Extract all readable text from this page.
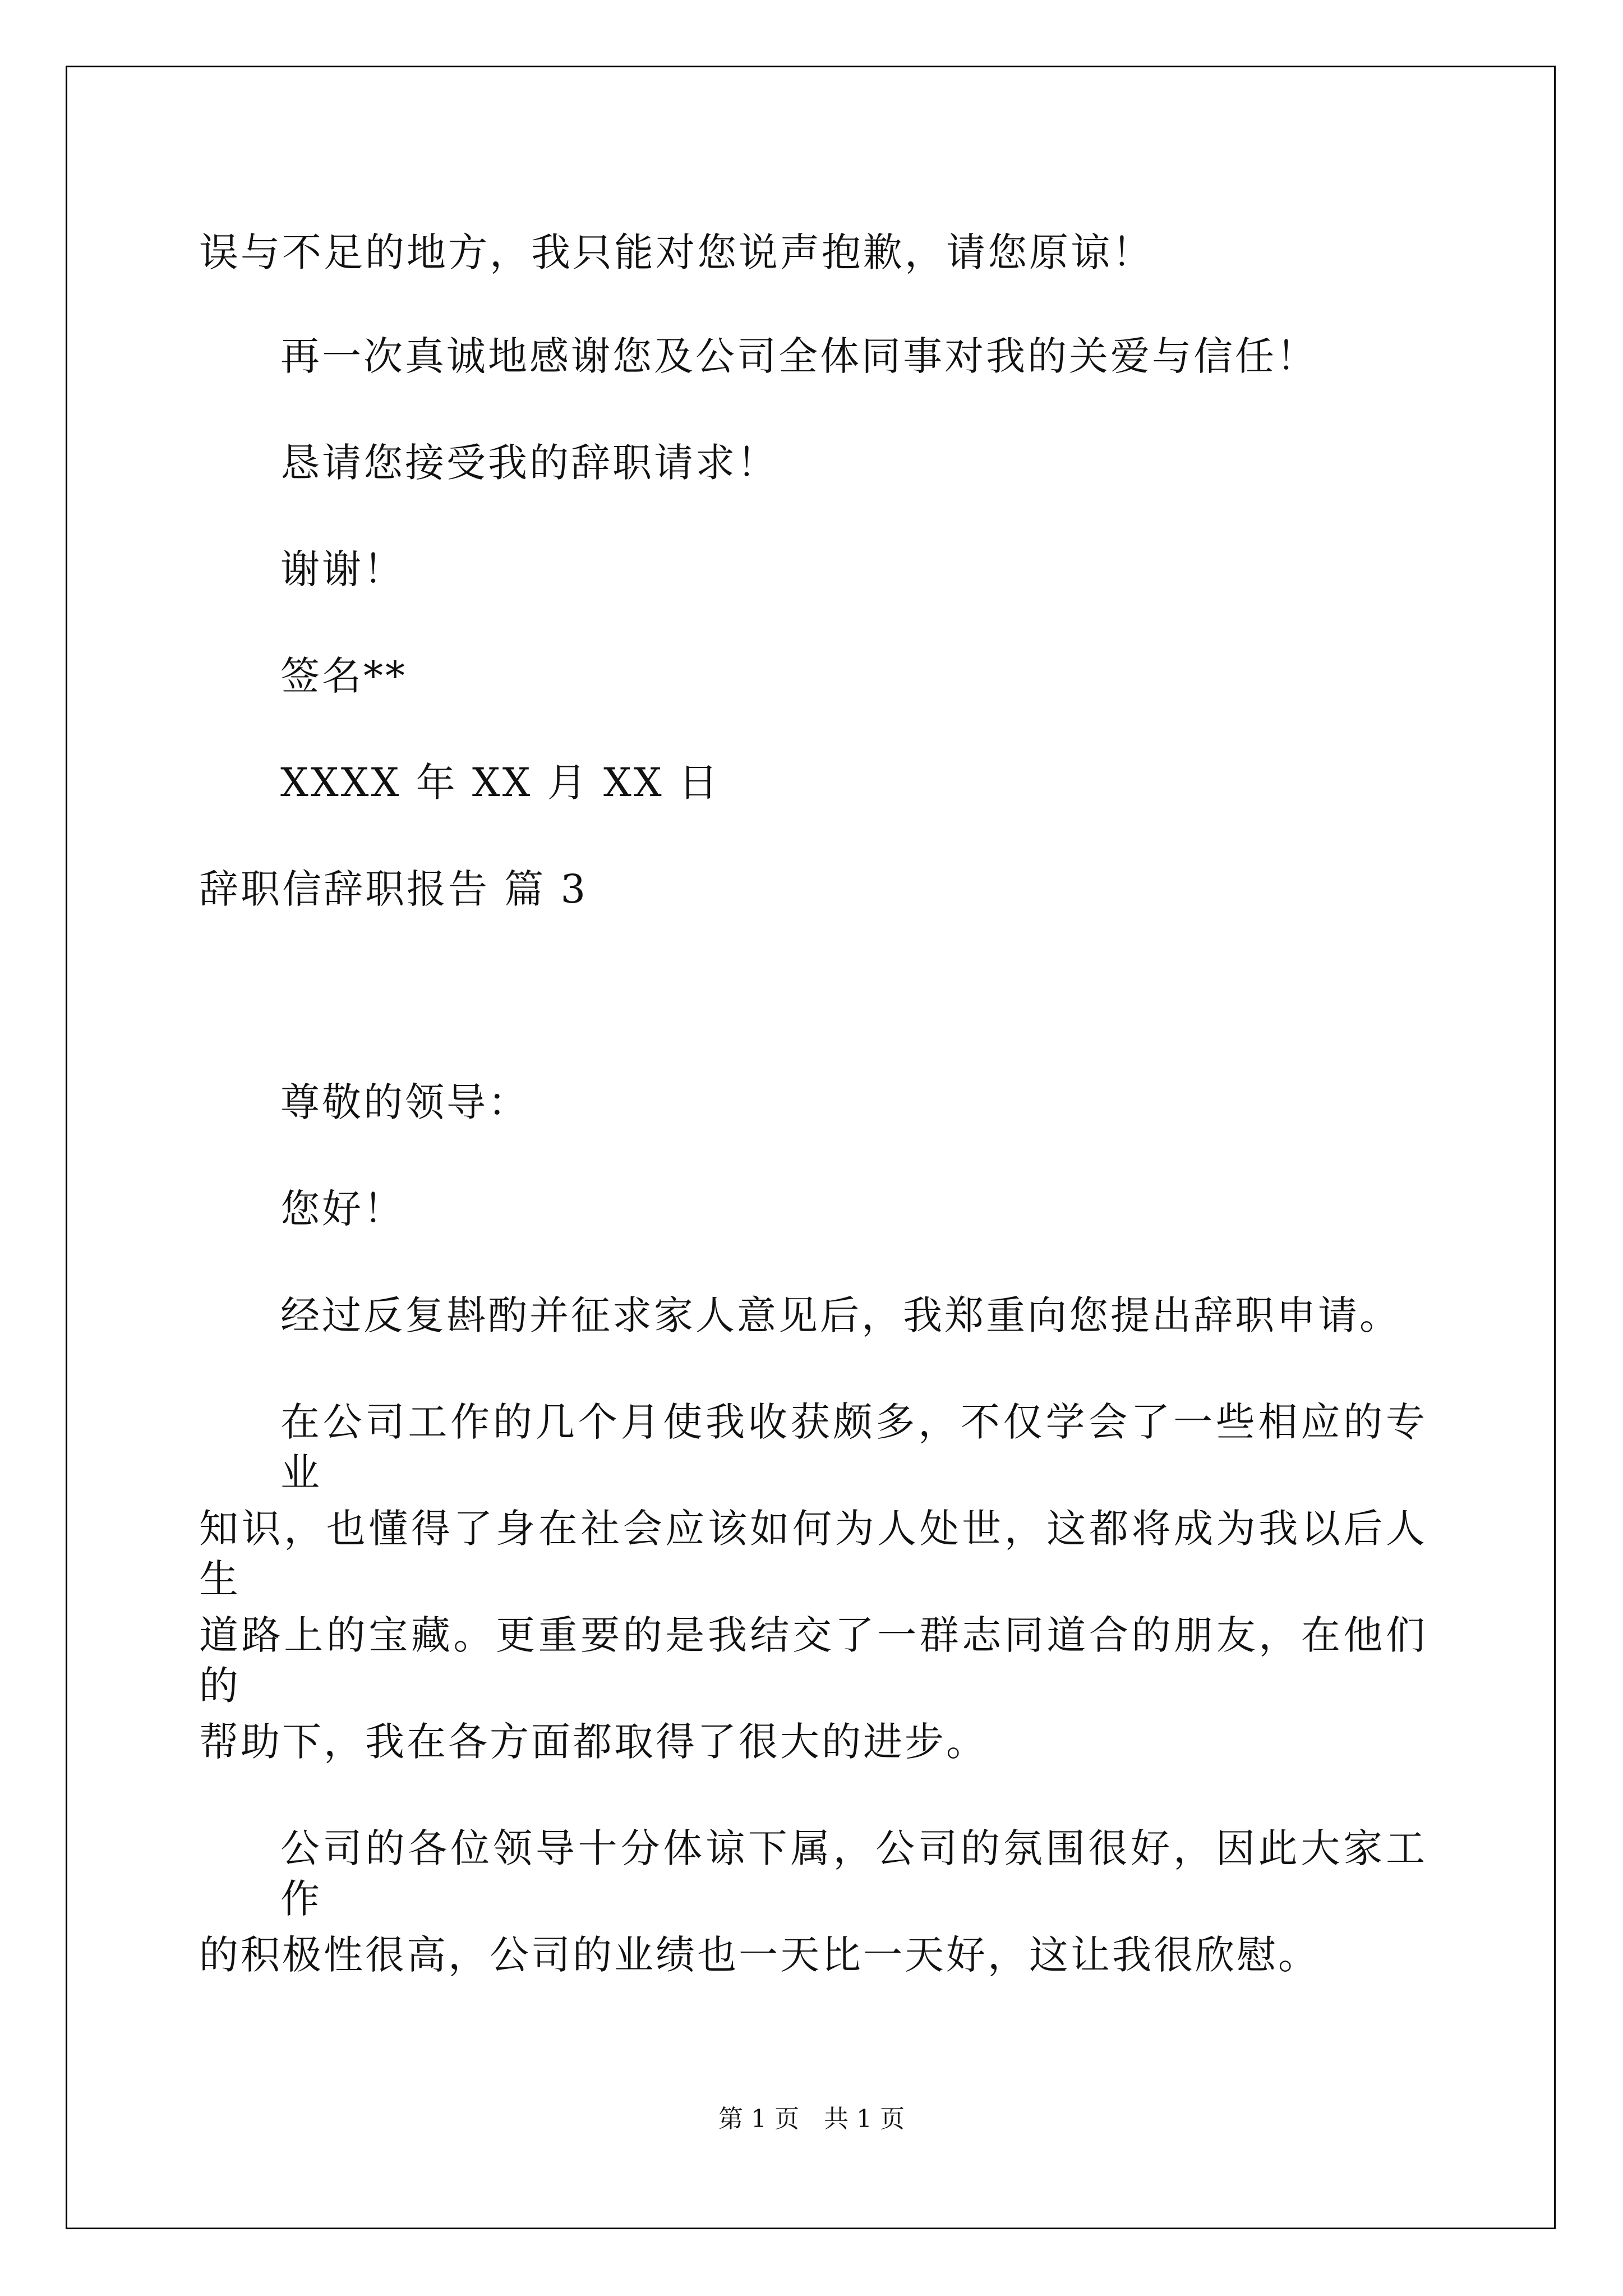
误与不足的地方，我只能对您说声抱歉，请您原谅！
再一次真诚地感谢您及公司全体同事对我的关爱与信任！
恳请您接受我的辞职请求！
谢谢！
签名**
XXXX 年 XX 月 XX 日
辞职信辞职报告 篇 3
尊敬的领导：
您好！
经过反复斟酌并征求家人意见后，我郑重向您提出辞职申请。
在公司工作的几个月使我收获颇多，不仅学会了一些相应的专业
知识，也懂得了身在社会应该如何为人处世，这都将成为我以后人生
道路上的宝藏。更重要的是我结交了一群志同道合的朋友，在他们的
帮助下，我在各方面都取得了很大的进步。
公司的各位领导十分体谅下属，公司的氛围很好，因此大家工作
的积极性很高，公司的业绩也一天比一天好，这让我很欣慰。
第 1 页　共 1 页
